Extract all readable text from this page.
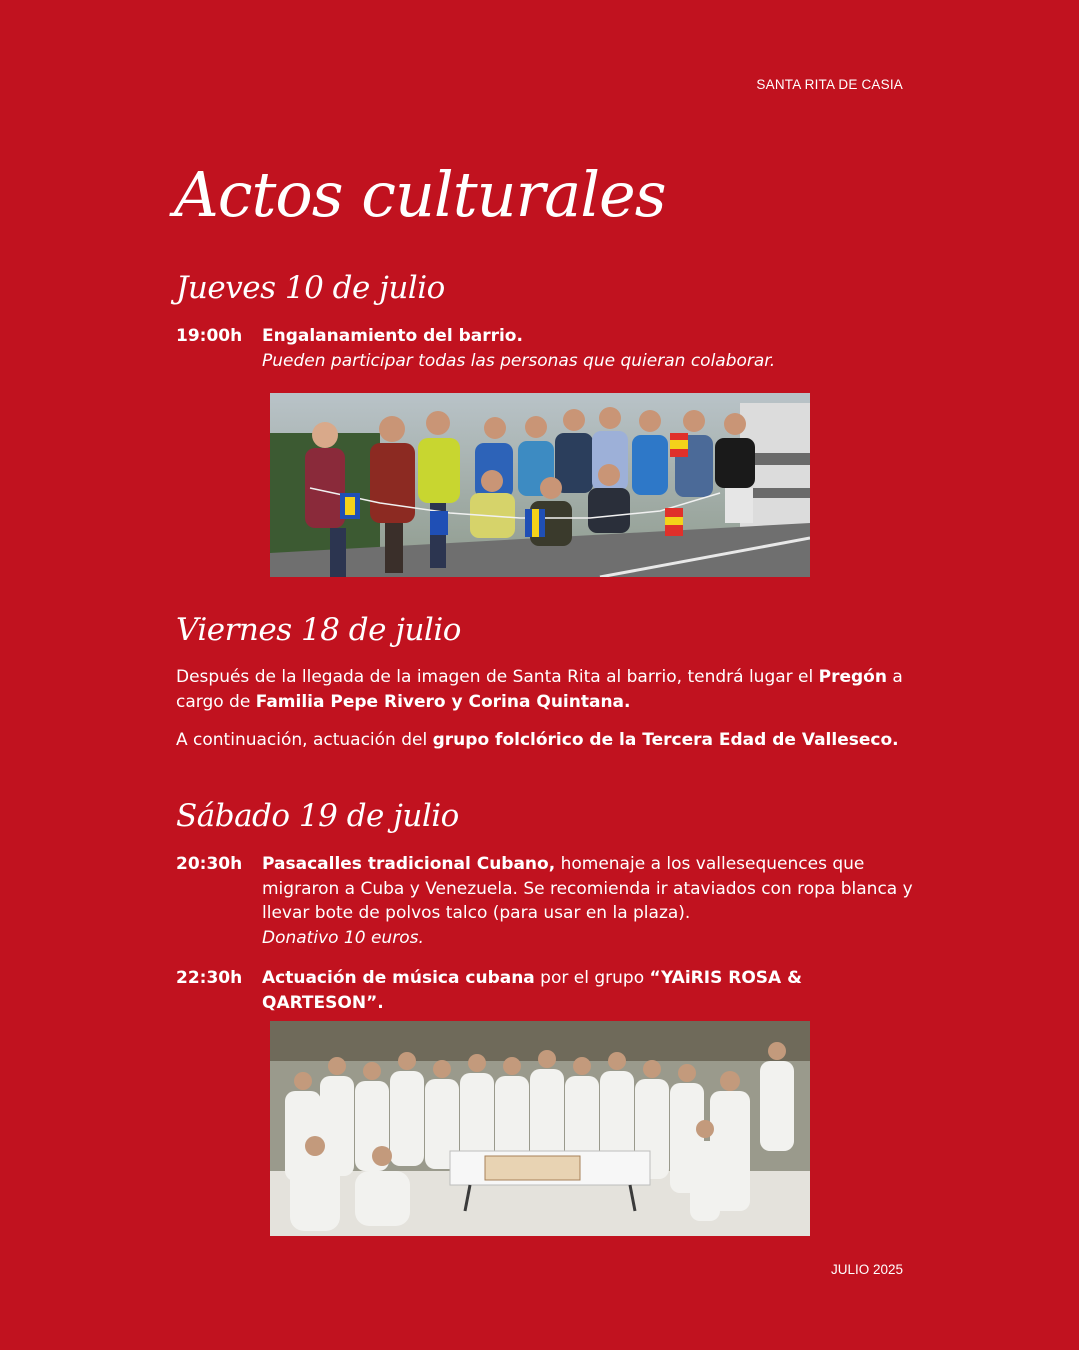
SANTA RITA DE CASIA
Actos culturales
Jueves 10 de julio
19:00h Engalanamiento del barrio.
Pueden participar todas las personas que quieran colaborar.
Viernes 18 de julio

Después de la llegada de la imagen de Santa Rita al barrio, tendrá lugar el Pregón a cargo de Familia Pepe Rivero y Corina Quintana.

A continuación, actuación del grupo folclórico de la Tercera Edad de Valleseco.

Sábado 19 de julio
20:30h Pasacalles tradicional Cubano, homenaje a los vallesequences que migraron a Cuba y Venezuela. Se recomienda ir ataviados con ropa blanca y llevar bote de polvos talco (para usar en la plaza).
Donativo 10 euros.
22:30h Actuación de música cubana por el grupo “YAiRIS ROSA & QARTESON”.
JULIO 2025
